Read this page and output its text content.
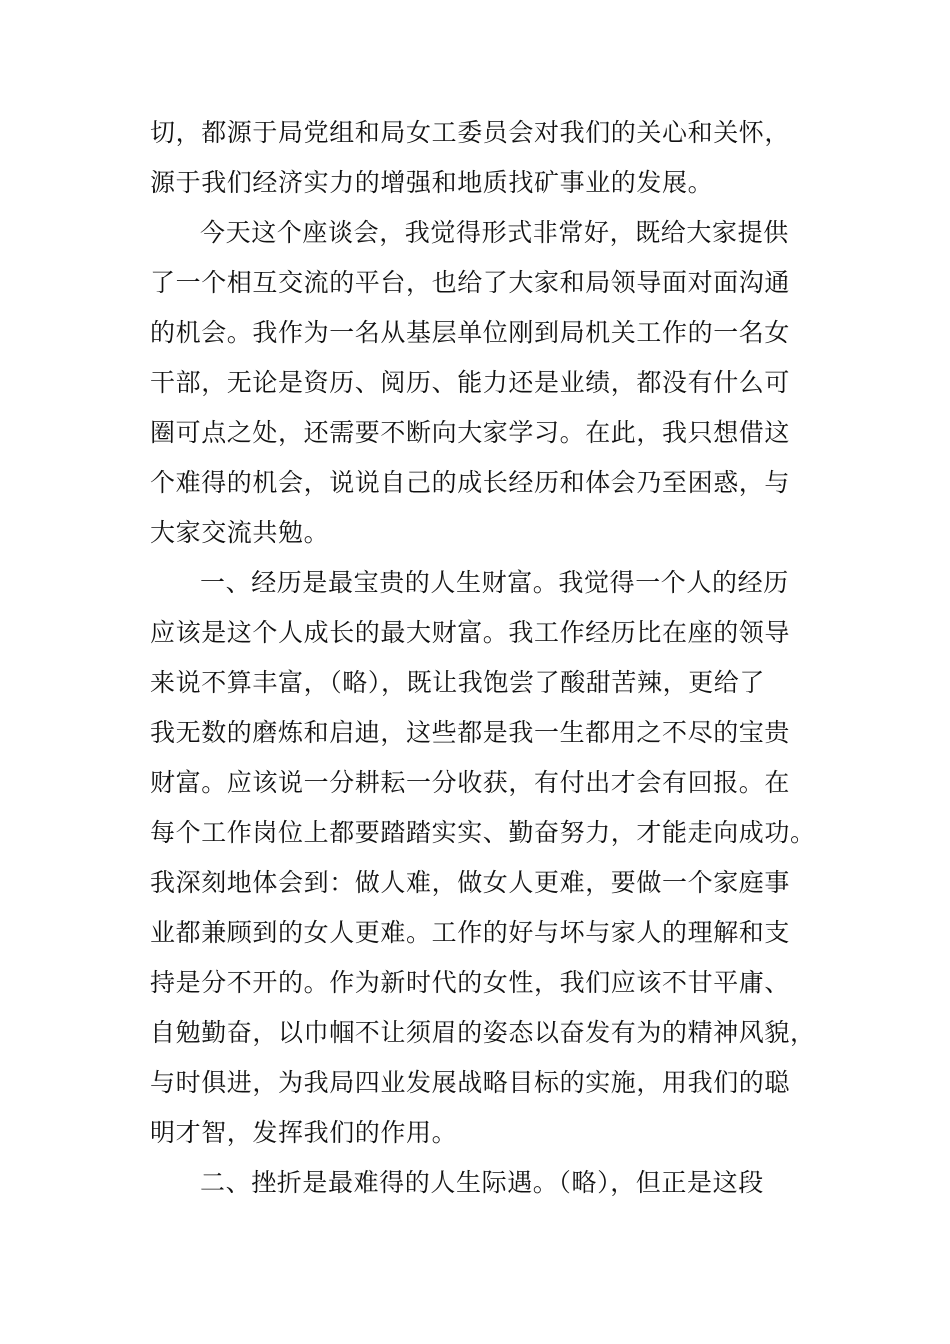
切，都源于局党组和局女工委员会对我们的关心和关怀，
源于我们经济实力的增强和地质找矿事业的发展。
今天这个座谈会，我觉得形式非常好，既给大家提供
了一个相互交流的平台，也给了大家和局领导面对面沟通
的机会。我作为一名从基层单位刚到局机关工作的一名女
干部，无论是资历、阅历、能力还是业绩，都没有什么可
圈可点之处，还需要不断向大家学习。在此，我只想借这
个难得的机会，说说自己的成长经历和体会乃至困惑，与
大家交流共勉。
一、经历是最宝贵的人生财富。我觉得一个人的经历
应该是这个人成长的最大财富。我工作经历比在座的领导
来说不算丰富，（略），既让我饱尝了酸甜苦辣，更给了
我无数的磨炼和启迪，这些都是我一生都用之不尽的宝贵
财富。应该说一分耕耘一分收获，有付出才会有回报。在
每个工作岗位上都要踏踏实实、勤奋努力，才能走向成功。
我深刻地体会到：做人难，做女人更难，要做一个家庭事
业都兼顾到的女人更难。工作的好与坏与家人的理解和支
持是分不开的。作为新时代的女性，我们应该不甘平庸、
自勉勤奋，以巾帼不让须眉的姿态以奋发有为的精神风貌，
与时俱进，为我局四业发展战略目标的实施，用我们的聪
明才智，发挥我们的作用。
二、挫折是最难得的人生际遇。（略），但正是这段
